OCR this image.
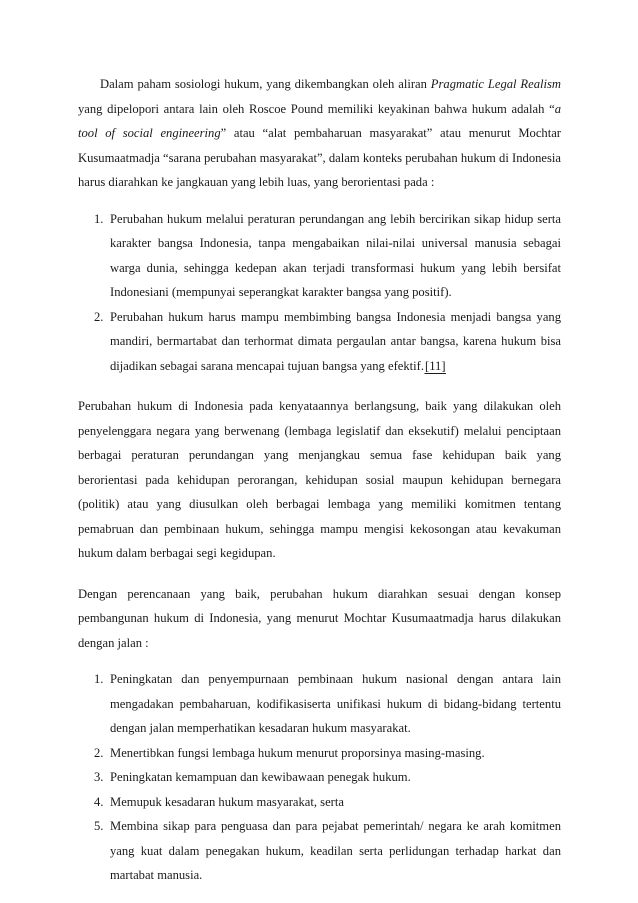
Dalam paham sosiologi hukum, yang dikembangkan oleh aliran Pragmatic Legal Realism yang dipelopori antara lain oleh Roscoe Pound memiliki keyakinan bahwa hukum adalah “a tool of social engineering” atau “alat pembaharuan masyarakat” atau menurut Mochtar Kusumaatmadja “sarana perubahan masyarakat”, dalam konteks perubahan hukum di Indonesia harus diarahkan ke jangkauan yang lebih luas, yang berorientasi pada :

1. Perubahan hukum melalui peraturan perundangan ang lebih bercirikan sikap hidup serta karakter bangsa Indonesia, tanpa mengabaikan nilai-nilai universal manusia sebagai warga dunia, sehingga kedepan akan terjadi transformasi hukum yang lebih bersifat Indonesiani (mempunyai seperangkat karakter bangsa yang positif).
2. Perubahan hukum harus mampu membimbing bangsa Indonesia menjadi bangsa yang mandiri, bermartabat dan terhormat dimata pergaulan antar bangsa, karena hukum bisa dijadikan sebagai sarana mencapai tujuan bangsa yang efektif.[11]

Perubahan hukum di Indonesia pada kenyataannya berlangsung, baik yang dilakukan oleh penyelenggara negara yang berwenang (lembaga legislatif dan eksekutif) melalui penciptaan berbagai peraturan perundangan yang menjangkau semua fase kehidupan baik yang berorientasi pada kehidupan perorangan, kehidupan sosial maupun kehidupan bernegara (politik) atau yang diusulkan oleh berbagai lembaga yang memiliki komitmen tentang pemabruan dan pembinaan hukum, sehingga mampu mengisi kekosongan atau kevakuman hukum dalam berbagai segi kegidupan.

Dengan perencanaan yang baik, perubahan hukum diarahkan sesuai dengan konsep pembangunan hukum di Indonesia, yang menurut Mochtar Kusumaatmadja harus dilakukan dengan jalan :

1. Peningkatan dan penyempurnaan pembinaan hukum nasional dengan antara lain mengadakan pembaharuan, kodifikasiserta unifikasi hukum di bidang-bidang tertentu dengan jalan memperhatikan kesadaran hukum masyarakat.
2. Menertibkan fungsi lembaga hukum menurut proporsinya masing-masing.
3. Peningkatan kemampuan dan kewibawaan penegak hukum.
4. Memupuk kesadaran hukum masyarakat, serta
5. Membina sikap para penguasa dan para pejabat pemerintah/ negara ke arah komitmen yang kuat dalam penegakan hukum, keadilan serta perlidungan terhadap harkat dan martabat manusia.
